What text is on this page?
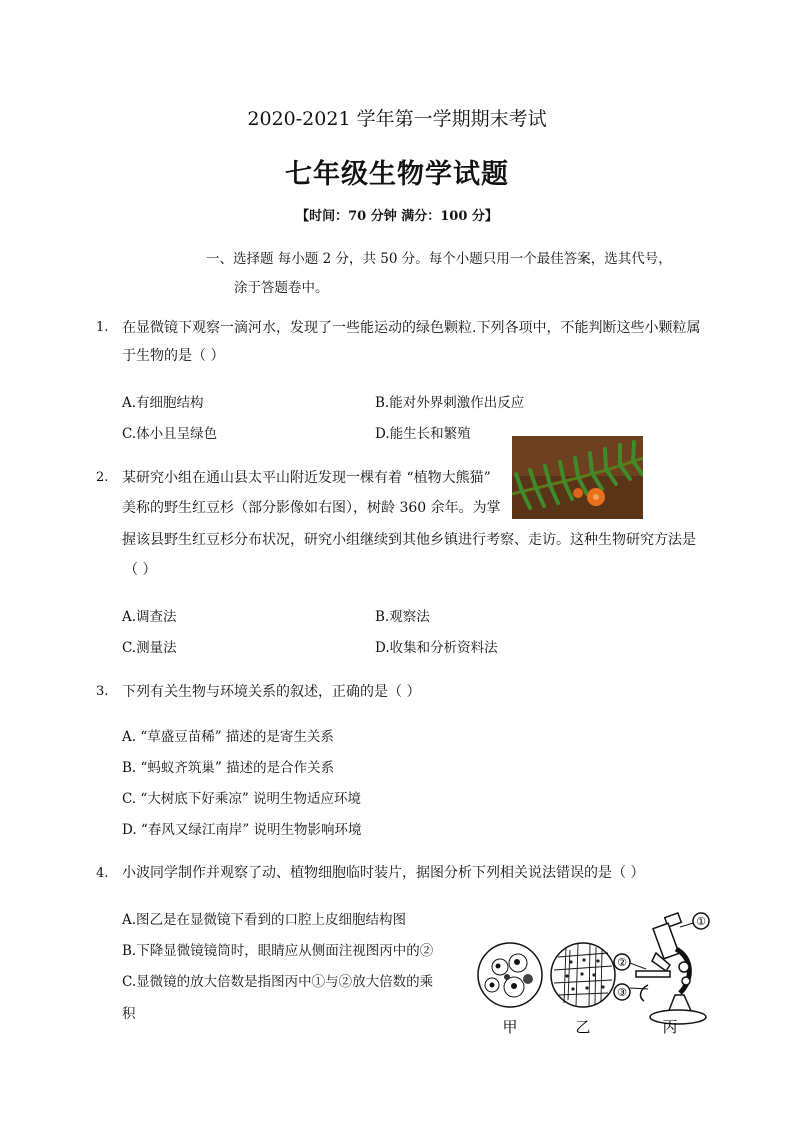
2020-2021 学年第一学期期末考试
七年级生物学试题
【时间：70 分钟 满分：100 分】
一、选择题 每小题 2 分，共 50 分。每个小题只用一个最佳答案，选其代号，
涂于答题卷中。
1. 在显微镜下观察一滴河水，发现了一些能运动的绿色颗粒.下列各项中，不能判断这些小颗粒属
于生物的是（ ）
A.有细胞结构	B.能对外界刺激作出反应
C.体小且呈绿色	D.能生长和繁殖
2. 某研究小组在通山县太平山附近发现一棵有着 “植物大熊猫”
美称的野生红豆杉（部分影像如右图），树龄 360 余年。为掌
握该县野生红豆杉分布状况，研究小组继续到其他乡镇进行考察、走访。这种生物研究方法是
（ ）
A.调查法	B.观察法
C.测量法	D.收集和分析资料法
3. 下列有关生物与环境关系的叙述，正确的是（ ）
A. “草盛豆苗稀” 描述的是寄生关系
B. “蚂蚁齐筑巢” 描述的是合作关系
C. “大树底下好乘凉” 说明生物适应环境
D. “春风又绿江南岸” 说明生物影响环境
4. 小波同学制作并观察了动、植物细胞临时装片，据图分析下列相关说法错误的是（ ）
A.图乙是在显微镜下看到的口腔上皮细胞结构图
B.下降显微镜镜筒时，眼睛应从侧面注视图丙中的②
C.显微镜的放大倍数是指图丙中①与②放大倍数的乘
积
①
②
③
甲	乙	丙
